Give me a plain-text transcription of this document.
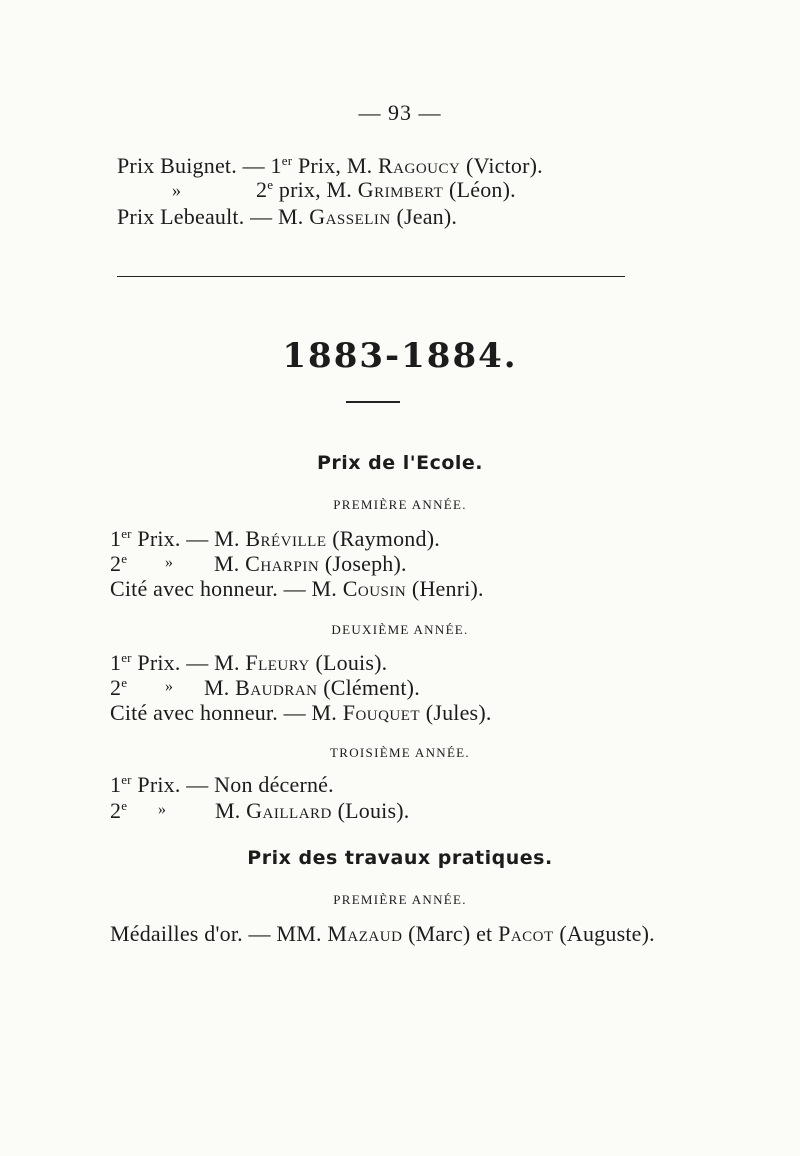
— 93 —
Prix Buignet. — 1er Prix, M. Ragoucy (Victor).
»	2e prix, M. Grimbert (Léon).
Prix Lebeault. — M. Gasselin (Jean).
1883-1884.
Prix de l'Ecole.
PREMIÈRE ANNÉE.
1er Prix. — M. Bréville (Raymond).
2e » M. Charpin (Joseph).
Cité avec honneur. — M. Cousin (Henri).
DEUXIÈME ANNÉE.
1er Prix. — M. Fleury (Louis).
2e » M. Baudran (Clément).
Cité avec honneur. — M. Fouquet (Jules).
TROISIÈME ANNÉE.
1er Prix. — Non décerné.
2e » M. Gaillard (Louis).
Prix des travaux pratiques.
PREMIÈRE ANNÉE.
Médailles d'or. — MM. Mazaud (Marc) et Pacot (Auguste).
